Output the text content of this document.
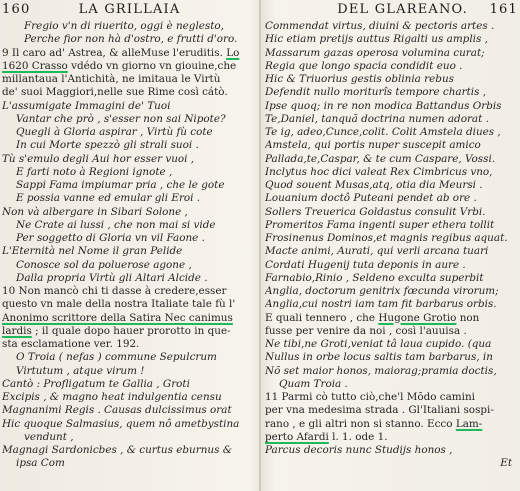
160	LA GRILLAIA
Fregio v'n di riuerito, oggi è neglesto,
Perche fior non hà d'ostro, e frutti d'oro.
9 Il caro ad' Astrea, & alleMuse l'eruditis. Lo
1620 Crasso vdédo vn giorno vn giouine,che
millantaua l'Antichità, ne imitaua le Virtù
de' suoi Maggiori,nelle sue Rime così cátò.
L'assumigate Immagini de' Tuoi
Vantar che prò , s'esser non sai Nipote?
Quegli à Gloria aspirar , Virtù fù cote
In cui Morte spezzò gli strali suoi .
Tù s'emulo degli Aui hor esser vuoi ,
E farti noto à Regioni ignote ,
Sappi Fama impiumar pria , che le gote
E possia vanne ed emular gli Eroi .
Non và albergare in Sibari Solone ,
Ne Crate ai lussi , che non mai si vide
Per soggetto di Gloria vn vil Faone .
L'Eternità nel Nome il gran Pelide
Conosce sol da poluerose agone ,
Dalla propria Virtù gli Altari Alcide .
10 Non mancò chi ti dasse à credere,esser
questo vn male della nostra Italiate tale fù l'
Anonimo scrittore della Satira Nec canimus
lardis ; il quale dopo hauer prorotto in que-
sta esclamatione ver. 192.
O Troia ( nefas ) commune Sepulcrum
Virtutum , atque virum !
Cantò : Profligatum te Gallia , Groti
Excipis , & magno heat indulgentia censu
Magnanimi Regis . Causas dulcissimus orat
Hic quoque Salmasius, quem nô ametbystina
vendunt ,
Magnagi Sardonicbes , & curtus eburnus &
ipsa Com
DEL GLAREANO. 161
Commendat virtus, diuini & pectoris artes .
Hic etiam pretijs auttus Rigalti us amplis ,
Massarum gazas operosa volumina curat;
Regia que longo spacia condidit euo .
Hic & Triuorius gestis oblinia rebus
Defendit nullo moriturîs tempore chartis ,
Ipse quoq; in re non modica Battandus Orbis
Te,Daniel, tanquã doctrina numen adorat .
Te ig, adeo,Cunce,colit. Colit Amstela diues ,
Amstela, qui portis nuper suscepit amico
Pallada,te,Caspar, & te cum Caspare, Vossi.
Inclytus hoc dici valeat Rex Cimbricus vno,
Quod souent Musas,atq, otia dia Meursi .
Louanium doctô Puteani pendet ab ore .
Sollers Treuerica Goldastus consulit Vrbi.
Promeritos Fama ingenti super ethera tollit
Frosinenus Dominos,et magnis regibus aquat.
Macte animi, Aurati, qui verli arcana tuari
Cordati Hugenij tuta deponis in aure .
Farnabio,Rinio , Seldeno exculta superbit
Anglia, doctorum genitrix fœcunda virorum;
Anglia,cui nostri iam tam fit barbarus orbis.
E quali tennero , che Hugone Grotio non
fusse per venire da noi , così l'auuisa .
Ne tibi,ne Groti,veniat tâ laua cupido. (qua
Nullus in orbe locus saltis tam barbarus, in
Nõ set maior honos, maiorag;pramia doctis,
Quam Troia .
11 Parmi cò tutto ciò,che'l Mõdo camini
per vna medesima strada . Gl'Italiani sospi-
rano , e gli altri non si stanno. Ecco Lam-
perto Afardi l. 1. ode 1.
Parcus decoris nunc Studijs honos ,
Et
